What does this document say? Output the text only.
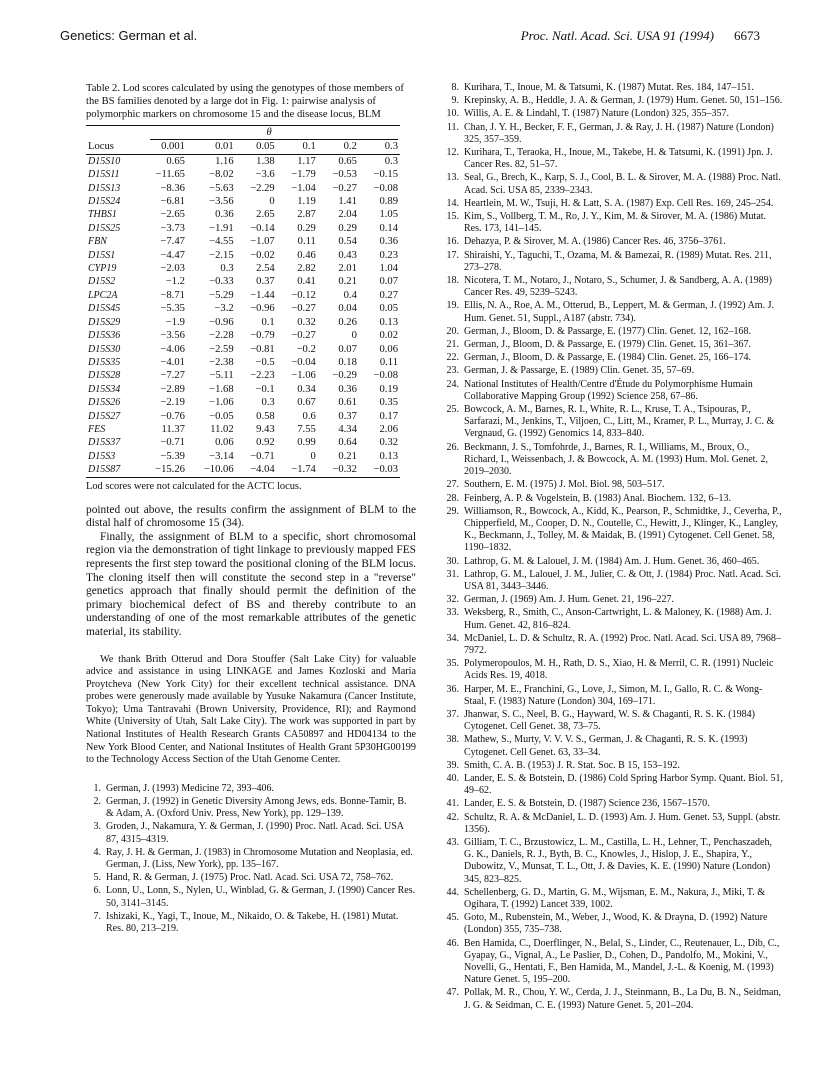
Genetics: German et al.	Proc. Natl. Acad. Sci. USA 91 (1994) 6673
Table 2. Lod scores calculated by using the genotypes of those members of the BS families denoted by a large dot in Fig. 1: pairwise analysis of polymorphic markers on chromosome 15 and the disease locus, BLM
	θ					

Locus	0.001	0.01	0.05	0.1	0.2	0.3
D15S10	0.65	1.16	1.38	1.17	0.65	0.3
D15S11	−11.65	−8.02	−3.6	−1.79	−0.53	−0.15
D15S13	−8.36	−5.63	−2.29	−1.04	−0.27	−0.08
D15S24	−6.81	−3.56	0	1.19	1.41	0.89
THBS1	−2.65	0.36	2.65	2.87	2.04	1.05
D15S25	−3.73	−1.91	−0.14	0.29	0.29	0.14
FBN	−7.47	−4.55	−1.07	0.11	0.54	0.36
D15S1	−4.47	−2.15	−0.02	0.46	0.43	0.23
CYP19	−2.03	0.3	2.54	2.82	2.01	1.04
D15S2	−1.2	−0.33	0.37	0.41	0.21	0.07
LPC2A	−8.71	−5.29	−1.44	−0.12	0.4	0.27
D15S45	−5.35	−3.2	−0.96	−0.27	0.04	0.05
D15S29	−1.9	−0.96	0.1	0.32	0.26	0.13
D15S36	−3.56	−2.28	−0.79	−0.27	0	0.02
D15S30	−4.06	−2.59	−0.81	−0.2	0.07	0.06
D15S35	−4.01	−2.38	−0.5	−0.04	0.18	0.11
D15S28	−7.27	−5.11	−2.23	−1.06	−0.29	−0.08
D15S34	−2.89	−1.68	−0.1	0.34	0.36	0.19
D15S26	−2.19	−1.06	0.3	0.67	0.61	0.35
D15S27	−0.76	−0.05	0.58	0.6	0.37	0.17
FES	11.37	11.02	9.43	7.55	4.34	2.06
D15S37	−0.71	0.06	0.92	0.99	0.64	0.32
D15S3	−5.39	−3.14	−0.71	0	0.21	0.13
D15S87	−15.26	−10.06	−4.04	−1.74	−0.32	−0.03
Lod scores were not calculated for the ACTC locus.

pointed out above, the results confirm the assignment of BLM to the distal half of chromosome 15 (34).

Finally, the assignment of BLM to a specific, short chromosomal region via the demonstration of tight linkage to previously mapped FES represents the first step toward the positional cloning of the BLM locus. The cloning itself then will constitute the second step in a "reverse" genetics approach that finally should permit the definition of the primary biochemical defect of BS and thereby contribute to an understanding of one of the most remarkable attributes of the genetic material, its stability.

We thank Brith Otterud and Dora Stouffer (Salt Lake City) for valuable advice and assistance in using LINKAGE and James Kozloski and Maria Proytcheva (New York City) for their excellent technical assistance. DNA probes were generously made available by Yusuke Nakamura (Cancer Institute, Tokyo); Uma Tantravahi (Brown University, Providence, RI); and Raymond White (University of Utah, Salt Lake City). The work was supported in part by National Institutes of Health Research Grants CA50897 and HD04134 to the New York Blood Center, and National Institutes of Health Grant 5P30HG00199 to the Technology Access Section of the Utah Genome Center.
1. German, J. (1993) Medicine 72, 393–406.
2. German, J. (1992) in Genetic Diversity Among Jews, eds. Bonne-Tamir, B. & Adam, A. (Oxford Univ. Press, New York), pp. 129–139.
3. Groden, J., Nakamura, Y. & German, J. (1990) Proc. Natl. Acad. Sci. USA 87, 4315–4319.
4. Ray, J. H. & German, J. (1983) in Chromosome Mutation and Neoplasia, ed. German, J. (Liss, New York), pp. 135–167.
5. Hand, R. & German, J. (1975) Proc. Natl. Acad. Sci. USA 72, 758–762.
6. Lonn, U., Lonn, S., Nylen, U., Winblad, G. & German, J. (1990) Cancer Res. 50, 3141–3145.
7. Ishizaki, K., Yagi, T., Inoue, M., Nikaido, O. & Takebe, H. (1981) Mutat. Res. 80, 213–219.
8. Kurihara, T., Inoue, M. & Tatsumi, K. (1987) Mutat. Res. 184, 147–151.
9. Krepinsky, A. B., Heddle, J. A. & German, J. (1979) Hum. Genet. 50, 151–156.
10. Willis, A. E. & Lindahl, T. (1987) Nature (London) 325, 355–357.
11. Chan, J. Y. H., Becker, F. F., German, J. & Ray, J. H. (1987) Nature (London) 325, 357–359.
12. Kurihara, T., Teraoka, H., Inoue, M., Takebe, H. & Tatsumi, K. (1991) Jpn. J. Cancer Res. 82, 51–57.
13. Seal, G., Brech, K., Karp, S. J., Cool, B. L. & Sirover, M. A. (1988) Proc. Natl. Acad. Sci. USA 85, 2339–2343.
14. Heartlein, M. W., Tsuji, H. & Latt, S. A. (1987) Exp. Cell Res. 169, 245–254.
15. Kim, S., Vollberg, T. M., Ro, J. Y., Kim, M. & Sirover, M. A. (1986) Mutat. Res. 173, 141–145.
16. Dehazya, P. & Sirover, M. A. (1986) Cancer Res. 46, 3756–3761.
17. Shiraishi, Y., Taguchi, T., Ozama, M. & Bamezai, R. (1989) Mutat. Res. 211, 273–278.
18. Nicotera, T. M., Notaro, J., Notaro, S., Schumer, J. & Sandberg, A. A. (1989) Cancer Res. 49, 5239–5243.
19. Ellis, N. A., Roe, A. M., Otterud, B., Leppert, M. & German, J. (1992) Am. J. Hum. Genet. 51, Suppl., A187 (abstr. 734).
20. German, J., Bloom, D. & Passarge, E. (1977) Clin. Genet. 12, 162–168.
21. German, J., Bloom, D. & Passarge, E. (1979) Clin. Genet. 15, 361–367.
22. German, J., Bloom, D. & Passarge, E. (1984) Clin. Genet. 25, 166–174.
23. German, J. & Passarge, E. (1989) Clin. Genet. 35, 57–69.
24. National Institutes of Health/Centre d'Étude du Polymorphisme Humain Collaborative Mapping Group (1992) Science 258, 67–86.
25. Bowcock, A. M., Barnes, R. I., White, R. L., Kruse, T. A., Tsipouras, P., Sarfarazi, M., Jenkins, T., Viljoen, C., Litt, M., Kramer, P. L., Murray, J. C. & Vergnaud, G. (1992) Genomics 14, 833–840.
26. Beckmann, J. S., Tomfohrde, J., Barnes, R. I., Williams, M., Broux, O., Richard, I., Weissenbach, J. & Bowcock, A. M. (1993) Hum. Mol. Genet. 2, 2019–2030.
27. Southern, E. M. (1975) J. Mol. Biol. 98, 503–517.
28. Feinberg, A. P. & Vogelstein, B. (1983) Anal. Biochem. 132, 6–13.
29. Williamson, R., Bowcock, A., Kidd, K., Pearson, P., Schmidtke, J., Ceverha, P., Chipperfield, M., Cooper, D. N., Coutelle, C., Hewitt, J., Klinger, K., Langley, K., Beckmann, J., Tolley, M. & Maidak, B. (1991) Cytogenet. Cell Genet. 58, 1190–1832.
30. Lathrop, G. M. & Lalouel, J. M. (1984) Am. J. Hum. Genet. 36, 460–465.
31. Lathrop, G. M., Lalouel, J. M., Julier, C. & Ott, J. (1984) Proc. Natl. Acad. Sci. USA 81, 3443–3446.
32. German, J. (1969) Am. J. Hum. Genet. 21, 196–227.
33. Weksberg, R., Smith, C., Anson-Cartwright, L. & Maloney, K. (1988) Am. J. Hum. Genet. 42, 816–824.
34. McDaniel, L. D. & Schultz, R. A. (1992) Proc. Natl. Acad. Sci. USA 89, 7968–7972.
35. Polymeropoulos, M. H., Rath, D. S., Xiao, H. & Merril, C. R. (1991) Nucleic Acids Res. 19, 4018.
36. Harper, M. E., Franchini, G., Love, J., Simon, M. I., Gallo, R. C. & Wong-Staal, F. (1983) Nature (London) 304, 169–171.
37. Jhanwar, S. C., Neel, B. G., Hayward, W. S. & Chaganti, R. S. K. (1984) Cytogenet. Cell Genet. 38, 73–75.
38. Mathew, S., Murty, V. V. V. S., German, J. & Chaganti, R. S. K. (1993) Cytogenet. Cell Genet. 63, 33–34.
39. Smith, C. A. B. (1953) J. R. Stat. Soc. B 15, 153–192.
40. Lander, E. S. & Botstein, D. (1986) Cold Spring Harbor Symp. Quant. Biol. 51, 49–62.
41. Lander, E. S. & Botstein, D. (1987) Science 236, 1567–1570.
42. Schultz, R. A. & McDaniel, L. D. (1993) Am. J. Hum. Genet. 53, Suppl. (abstr. 1356).
43. Gilliam, T. C., Brzustowicz, L. M., Castilla, L. H., Lehner, T., Penchaszadeh, G. K., Daniels, R. J., Byth, B. C., Knowles, J., Hislop, J. E., Shapira, Y., Dubowitz, V., Munsat, T. L., Ott, J. & Davies, K. E. (1990) Nature (London) 345, 823–825.
44. Schellenberg, G. D., Martin, G. M., Wijsman, E. M., Nakura, J., Miki, T. & Ogihara, T. (1992) Lancet 339, 1002.
45. Goto, M., Rubenstein, M., Weber, J., Wood, K. & Drayna, D. (1992) Nature (London) 355, 735–738.
46. Ben Hamida, C., Doerflinger, N., Belal, S., Linder, C., Reutenauer, L., Dib, C., Gyapay, G., Vignal, A., Le Paslier, D., Cohen, D., Pandolfo, M., Mokini, V., Novelli, G., Hentati, F., Ben Hamida, M., Mandel, J.-L. & Koenig, M. (1993) Nature Genet. 5, 195–200.
47. Pollak, M. R., Chou, Y. W., Cerda, J. J., Steinmann, B., La Du, B. N., Seidman, J. G. & Seidman, C. E. (1993) Nature Genet. 5, 201–204.
